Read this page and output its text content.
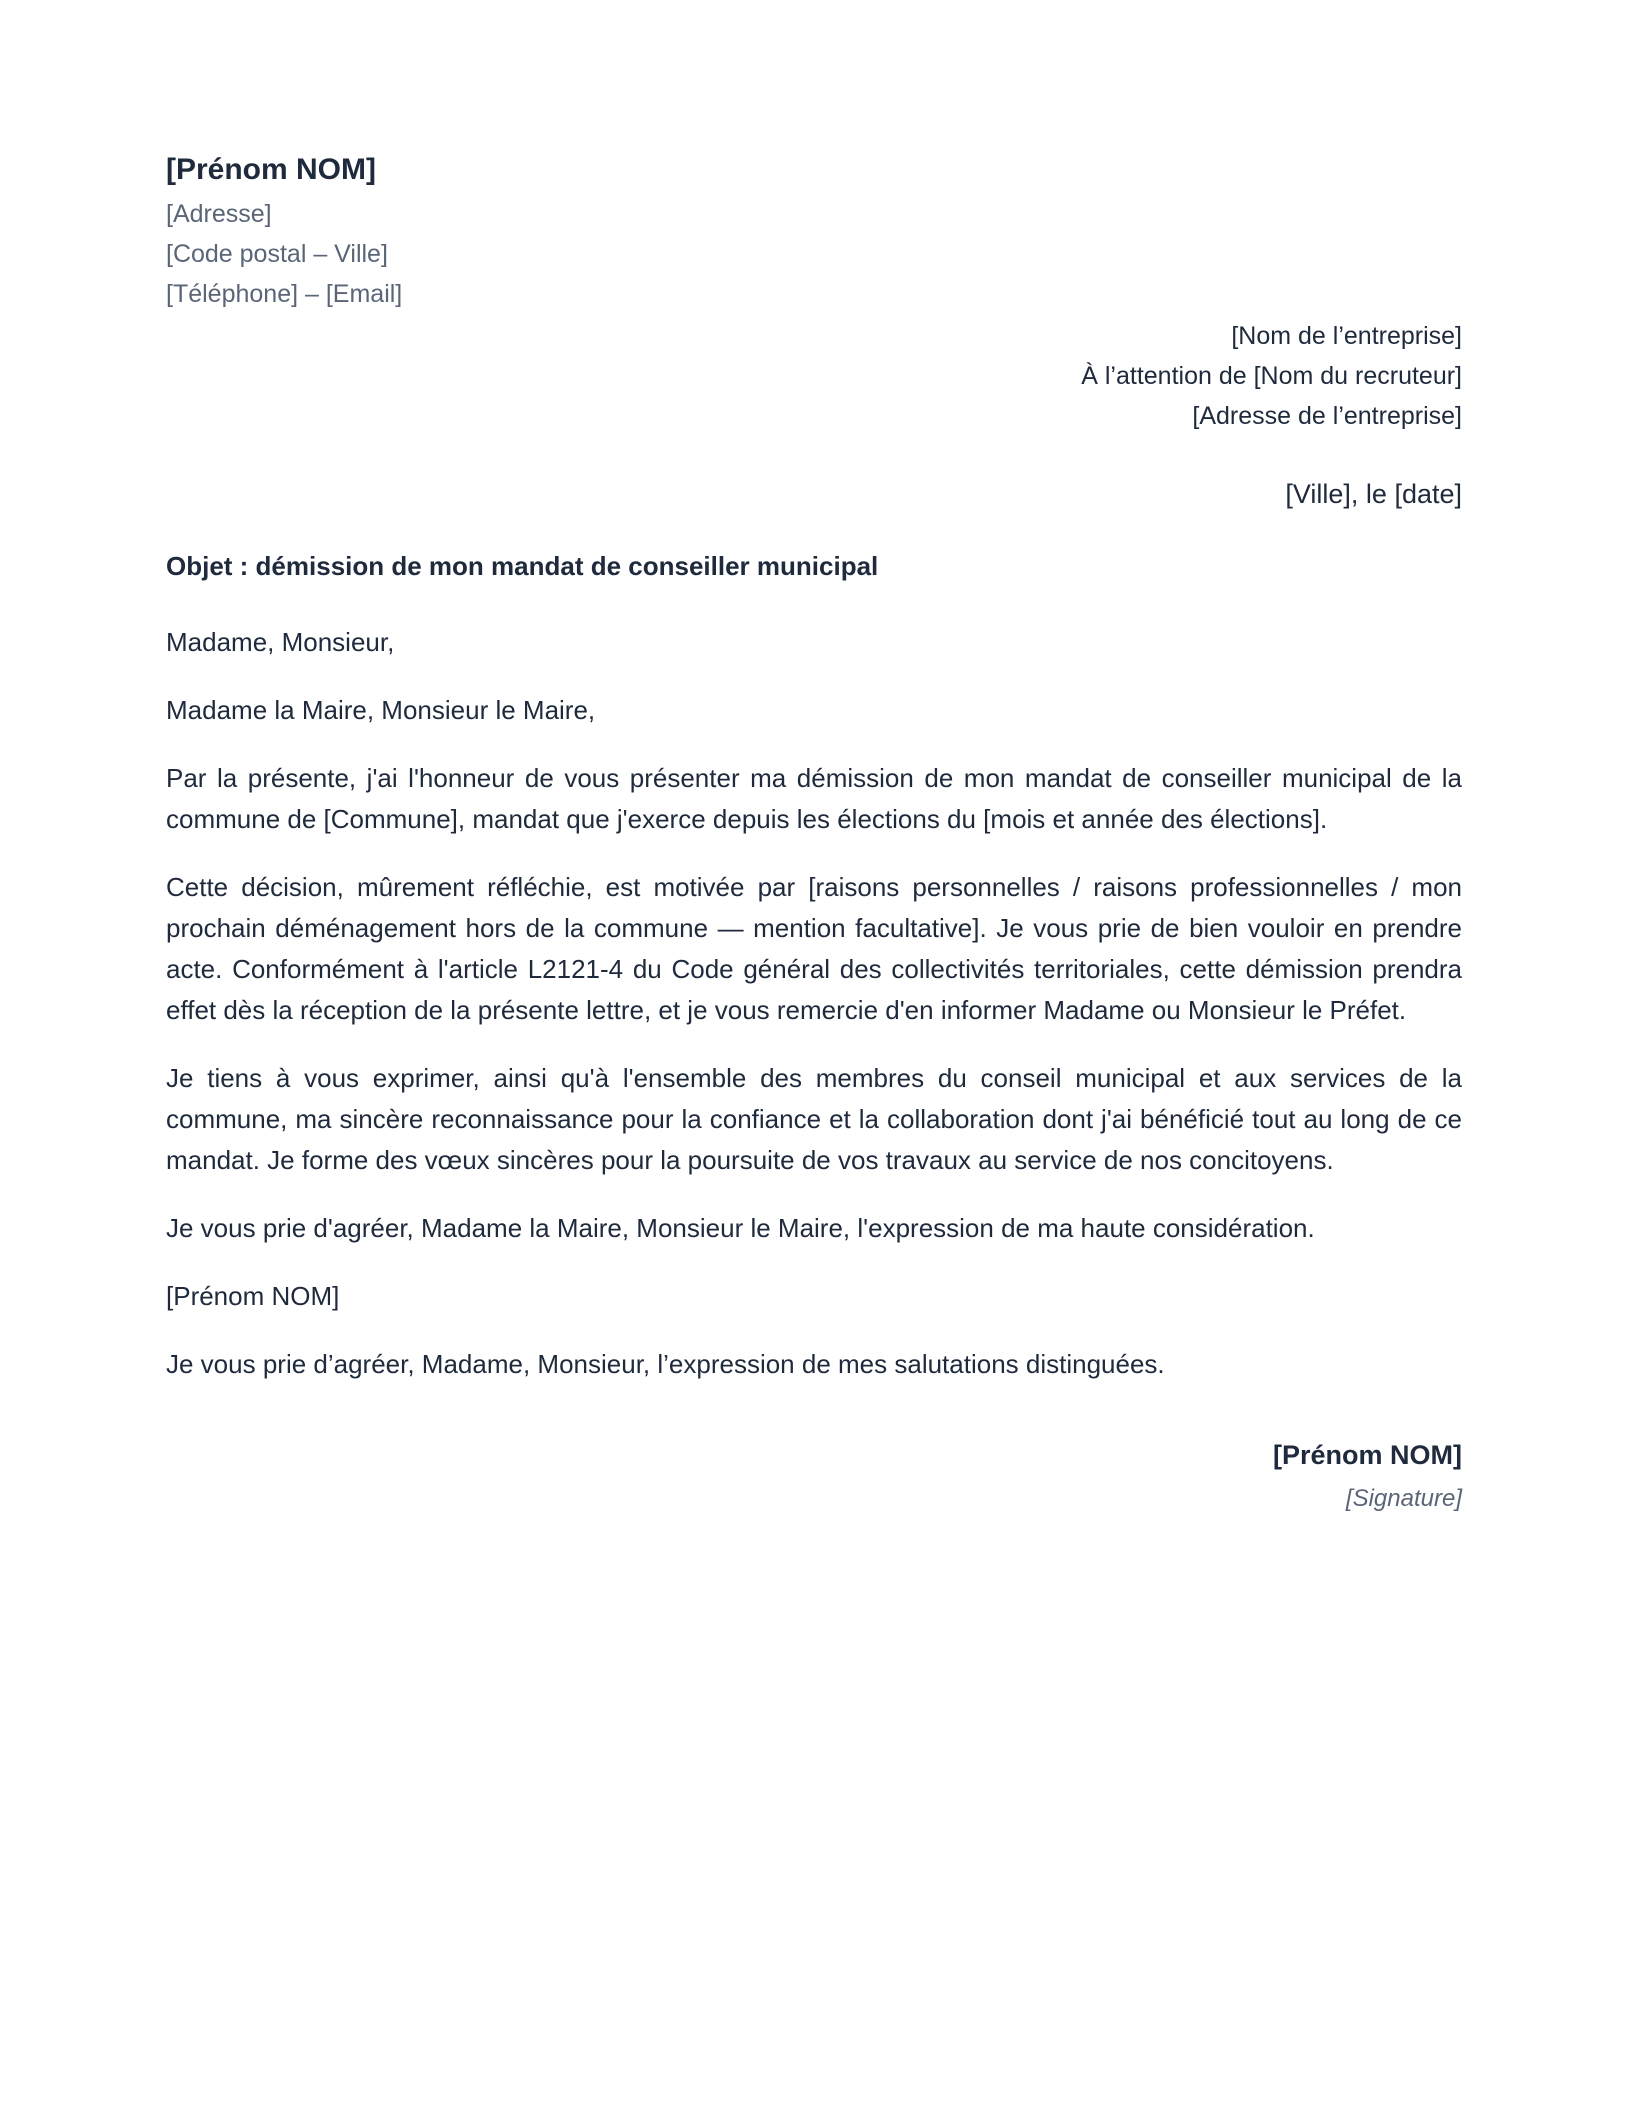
[Prénom NOM]

[Adresse]

[Code postal – Ville]

[Téléphone] – [Email]

[Nom de l’entreprise]

À l’attention de [Nom du recruteur]

[Adresse de l’entreprise]

[Ville], le [date]

Objet : démission de mon mandat de conseiller municipal

Madame, Monsieur,

Madame la Maire, Monsieur le Maire,

Par la présente, j'ai l'honneur de vous présenter ma démission de mon mandat de conseiller municipal de la commune de [Commune], mandat que j'exerce depuis les élections du [mois et année des élections].

Cette décision, mûrement réfléchie, est motivée par [raisons personnelles / raisons professionnelles / mon prochain déménagement hors de la commune — mention facultative]. Je vous prie de bien vouloir en prendre acte. Conformément à l'article L2121-4 du Code général des collectivités territoriales, cette démission prendra effet dès la réception de la présente lettre, et je vous remercie d'en informer Madame ou Monsieur le Préfet.

Je tiens à vous exprimer, ainsi qu'à l'ensemble des membres du conseil municipal et aux services de la commune, ma sincère reconnaissance pour la confiance et la collaboration dont j'ai bénéficié tout au long de ce mandat. Je forme des vœux sincères pour la poursuite de vos travaux au service de nos concitoyens.

Je vous prie d'agréer, Madame la Maire, Monsieur le Maire, l'expression de ma haute considération.

[Prénom NOM]

Je vous prie d’agréer, Madame, Monsieur, l’expression de mes salutations distinguées.

[Prénom NOM]

[Signature]
